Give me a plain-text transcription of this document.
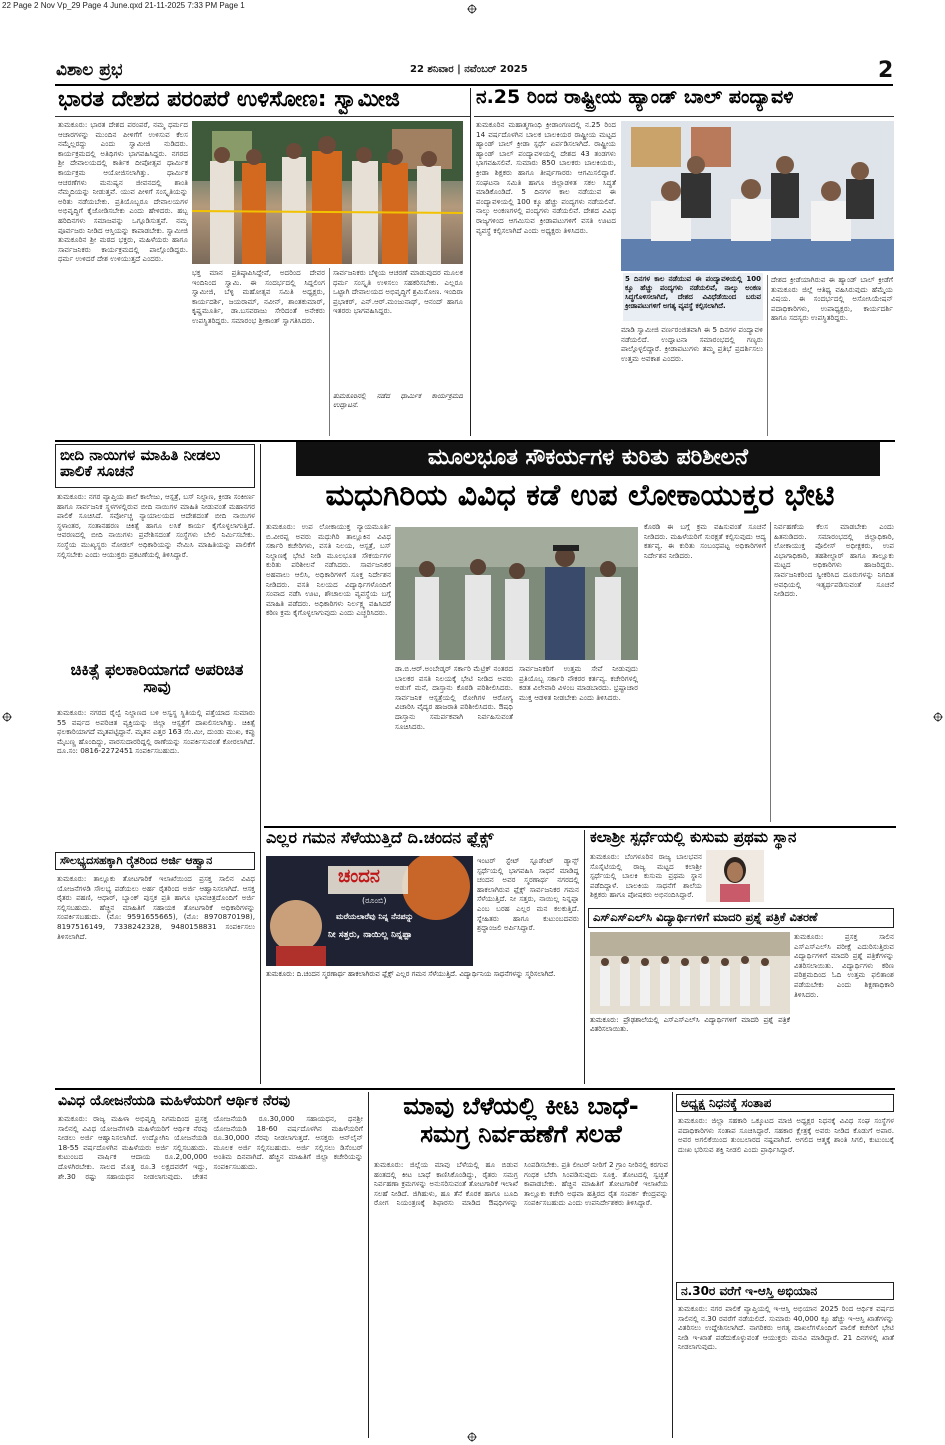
22 Page 2 Nov Vp_29 Page 4 June.qxd 21-11-2025 7:33 PM Page 1
ವಿಶಾಲ ಪ್ರಭ	22 ಶನಿವಾರ | ನವೆಂಬರ್ 2025	2
ಭಾರತ ದೇಶದ ಪರಂಪರೆ ಉಳಿಸೋಣ: ಸ್ವಾಮೀಜಿ
ತುಮಕೂರು: ಭಾರತ ದೇಶದ ಪರಂಪರೆ, ನಮ್ಮ ಧರ್ಮದ ಆಚಾರಗಳನ್ನು ಮುಂದಿನ ಪೀಳಿಗೆಗೆ ಉಳಿಸುವ ಕೆಲಸ ನಮ್ಮೆಲ್ಲರದ್ದು ಎಂದು ಸ್ವಾಮೀಜಿ ನುಡಿದರು. ಕಾರ್ಯಕ್ರಮದಲ್ಲಿ ಅತಿಥಿಗಳು ಭಾಗವಹಿಸಿದ್ದರು. ನಗರದ ಶ್ರೀ ದೇವಾಲಯದಲ್ಲಿ ಕಾರ್ತಿಕ ದೀಪೋತ್ಸವ ಧಾರ್ಮಿಕ ಕಾರ್ಯಕ್ರಮ ಆಯೋಜಿಸಲಾಗಿತ್ತು. ಧಾರ್ಮಿಕ ಆಚರಣೆಗಳು ಮನುಷ್ಯನ ಜೀವನದಲ್ಲಿ ಶಾಂತಿ ನೆಮ್ಮದಿಯನ್ನು ನೀಡುತ್ತವೆ. ಯುವ ಪೀಳಿಗೆ ಸಂಸ್ಕೃತಿಯನ್ನು ಅರಿತು ನಡೆಯಬೇಕು. ಪ್ರತಿಯೊಬ್ಬರೂ ದೇವಾಲಯಗಳ ಅಭಿವೃದ್ಧಿಗೆ ಕೈಜೋಡಿಸಬೇಕು ಎಂದು ಹೇಳಿದರು. ಹಬ್ಬ ಹರಿದಿನಗಳು ಸಮಾಜವನ್ನು ಒಗ್ಗೂಡಿಸುತ್ತವೆ. ನಮ್ಮ ಪೂರ್ವಜರು ನೀಡಿದ ಆಸ್ತಿಯನ್ನು ಕಾಪಾಡಬೇಕು. ಸ್ವಾಮೀಜಿ ತುಮಕೂರಿನ ಶ್ರೀ ಮಠದ ಭಕ್ತರು, ಮಹಿಳೆಯರು ಹಾಗೂ ಸಾರ್ವಜನಿಕರು ಕಾರ್ಯಕ್ರಮದಲ್ಲಿ ಪಾಲ್ಗೊಂಡಿದ್ದರು. ಧರ್ಮ ಉಳಿದರೆ ದೇಶ ಉಳಿಯುತ್ತದೆ ಎಂದರು.
ಭಕ್ತ ಮಾನ ಪ್ರತಿಷ್ಠಾಪಿಸಿದ್ದೇವೆ, ಅದರಿಂದ ದೇವರ ಇಂದಿನಿಂದ ಸ್ವಾಮಿ. ಈ ಸಂದರ್ಭದಲ್ಲಿ ಸಿದ್ದಲಿಂಗ ಸ್ವಾಮೀಜಿ, ಬೆಳ್ಳಿ ಮಹೋತ್ಸವ ಸಮಿತಿ ಅಧ್ಯಕ್ಷರು, ಕಾರ್ಯದರ್ಶಿ, ಜಯರಾಮ್, ನವೀನ್, ಶಾಂತಕುಮಾರ್, ಕೃಷ್ಣಮೂರ್ತಿ, ಡಾ.ಬಸವರಾಜು ಸೇರಿದಂತೆ ಅನೇಕರು ಉಪಸ್ಥಿತರಿದ್ದರು. ಸಮಾರಂಭ ಶ್ರೀಕಾಂತ್ ಸ್ವಾಗತಿಸಿದರು.
ಸಾರ್ವಜನಿಕರು ಬೆಳ್ಳಿಯ ಆಚರಣೆ ಮಾಡುವುದರ ಮೂಲಕ ಧರ್ಮ ಸಂಸ್ಕೃತಿ ಉಳಿಸಲು ಸಹಕರಿಸಬೇಕು. ಎಲ್ಲರೂ ಒಟ್ಟಾಗಿ ದೇವಾಲಯದ ಅಭಿವೃದ್ಧಿಗೆ ಶ್ರಮಿಸೋಣ. ಇಂದಿರಾ ಪ್ರಭಾಕರ್, ಎನ್.ಆರ್.ಮಂಜುನಾಥ್, ಆನಂದ್ ಹಾಗೂ ಇತರರು ಭಾಗವಹಿಸಿದ್ದರು.
ತುಮಕೂರಿನಲ್ಲಿ ನಡೆದ ಧಾರ್ಮಿಕ ಕಾರ್ಯಕ್ರಮದ ಉದ್ಘಾಟನೆ.
ನ.25 ರಿಂದ ರಾಷ್ಟ್ರೀಯ ಹ್ಯಾಂಡ್ ಬಾಲ್ ಪಂದ್ಯಾವಳಿ
ತುಮಕೂರಿನ ಮಹಾತ್ಮಗಾಂಧಿ ಕ್ರೀಡಾಂಗಣದಲ್ಲಿ ನ.25 ರಿಂದ 14 ವರ್ಷದೊಳಗಿನ ಬಾಲಕ ಬಾಲಕಿಯರ ರಾಷ್ಟ್ರೀಯ ಮಟ್ಟದ ಹ್ಯಾಂಡ್ ಬಾಲ್ ಕ್ರೀಡಾ ಸ್ಪರ್ಧೆ ಏರ್ಪಡಿಸಲಾಗಿದೆ. ರಾಷ್ಟ್ರೀಯ ಹ್ಯಾಂಡ್ ಬಾಲ್ ಪಂದ್ಯಾವಳಿಯಲ್ಲಿ ದೇಶದ 43 ತಂಡಗಳು ಭಾಗವಹಿಸಲಿವೆ. ಸುಮಾರು 850 ಬಾಲಕರು ಬಾಲಕಿಯರು, ಕ್ರೀಡಾ ಶಿಕ್ಷಕರು ಹಾಗೂ ತೀರ್ಪುಗಾರರು ಆಗಮಿಸಲಿದ್ದಾರೆ. ಸಂಘಟನಾ ಸಮಿತಿ ಹಾಗೂ ಜಿಲ್ಲಾಡಳಿತ ಸಕಲ ಸಿದ್ಧತೆ ಮಾಡಿಕೊಂಡಿದೆ. 5 ದಿನಗಳ ಕಾಲ ನಡೆಯುವ ಈ ಪಂದ್ಯಾವಳಿಯಲ್ಲಿ 100 ಕ್ಕೂ ಹೆಚ್ಚು ಪಂದ್ಯಗಳು ನಡೆಯಲಿವೆ. ನಾಲ್ಕು ಅಂಕಣಗಳಲ್ಲಿ ಪಂದ್ಯಗಳು ನಡೆಯಲಿವೆ. ದೇಶದ ವಿವಿಧ ರಾಜ್ಯಗಳಿಂದ ಆಗಮಿಸುವ ಕ್ರೀಡಾಪಟುಗಳಿಗೆ ವಸತಿ ಊಟದ ವ್ಯವಸ್ಥೆ ಕಲ್ಪಿಸಲಾಗಿದೆ ಎಂದು ಅಧ್ಯಕ್ಷರು ತಿಳಿಸಿದರು.
5 ದಿನಗಳ ಕಾಲ ನಡೆಯುವ ಈ ಪಂದ್ಯಾವಳಿಯಲ್ಲಿ 100 ಕ್ಕೂ ಹೆಚ್ಚು ಪಂದ್ಯಗಳು ನಡೆಯಲಿವೆ, ನಾಲ್ಕು ಅಂಕಣ ಸಿದ್ಧಗೊಳಿಸಲಾಗಿದೆ, ದೇಶದ ವಿವಿಧೆಡೆಯಿಂದ ಬರುವ ಕ್ರೀಡಾಪಟುಗಳಿಗೆ ಅಗತ್ಯ ವ್ಯವಸ್ಥೆ ಕಲ್ಪಿಸಲಾಗಿದೆ.
ಮಾಡಿ ಸ್ವಾಮೀಜಿ ವರ್ಣರಂಜಿತವಾಗಿ ಈ 5 ದಿನಗಳ ಪಂದ್ಯಾವಳಿ ನಡೆಯಲಿದೆ. ಉದ್ಘಾಟನಾ ಸಮಾರಂಭದಲ್ಲಿ ಗಣ್ಯರು ಪಾಲ್ಗೊಳ್ಳಲಿದ್ದಾರೆ. ಕ್ರೀಡಾಪಟುಗಳು ತಮ್ಮ ಪ್ರತಿಭೆ ಪ್ರದರ್ಶಿಸಲು ಉತ್ತಮ ಅವಕಾಶ ಎಂದರು.
ದೇಶದ ಕ್ರೀಡೆಯಾಗಿರುವ ಈ ಹ್ಯಾಂಡ್ ಬಾಲ್ ಕ್ರೀಡೆಗೆ ತುಮಕೂರು ಜಿಲ್ಲೆ ಆತಿಥ್ಯ ವಹಿಸಿರುವುದು ಹೆಮ್ಮೆಯ ವಿಷಯ. ಈ ಸಂದರ್ಭದಲ್ಲಿ ಅಸೋಸಿಯೇಷನ್ ಪದಾಧಿಕಾರಿಗಳು, ಉಪಾಧ್ಯಕ್ಷರು, ಕಾರ್ಯದರ್ಶಿ ಹಾಗೂ ಸದಸ್ಯರು ಉಪಸ್ಥಿತರಿದ್ದರು.
ಬೀದಿ ನಾಯಿಗಳ ಮಾಹಿತಿ ನೀಡಲು ಪಾಲಿಕೆ ಸೂಚನೆ
ತುಮಕೂರು: ನಗರ ವ್ಯಾಪ್ತಿಯ ಶಾಲೆ ಕಾಲೇಜು, ಆಸ್ಪತ್ರೆ, ಬಸ್ ನಿಲ್ದಾಣ, ಕ್ರೀಡಾ ಸಂಕೀರ್ಣ ಹಾಗೂ ಸಾರ್ವಜನಿಕ ಸ್ಥಳಗಳಲ್ಲಿರುವ ಬೀದಿ ನಾಯಿಗಳ ಮಾಹಿತಿ ನೀಡುವಂತೆ ಮಹಾನಗರ ಪಾಲಿಕೆ ಸೂಚಿಸಿದೆ. ಸರ್ವೋಚ್ಚ ನ್ಯಾಯಾಲಯದ ಆದೇಶದಂತೆ ಬೀದಿ ನಾಯಿಗಳ ಸ್ಥಳಾಂತರ, ಸಂತಾನಹರಣ ಚಿಕಿತ್ಸೆ ಹಾಗೂ ಲಸಿಕೆ ಕಾರ್ಯ ಕೈಗೊಳ್ಳಲಾಗುತ್ತಿದೆ. ಆವರಣದಲ್ಲಿ ಬೀದಿ ನಾಯಿಗಳು ಪ್ರವೇಶಿಸದಂತೆ ಸಂಸ್ಥೆಗಳು ಬೇಲಿ ನಿರ್ಮಿಸಬೇಕು. ಸಂಸ್ಥೆಯ ಮುಖ್ಯಸ್ಥರು ನೋಡಲ್ ಅಧಿಕಾರಿಯನ್ನು ನೇಮಿಸಿ ಮಾಹಿತಿಯನ್ನು ಪಾಲಿಕೆಗೆ ಸಲ್ಲಿಸಬೇಕು ಎಂದು ಆಯುಕ್ತರು ಪ್ರಕಟಣೆಯಲ್ಲಿ ತಿಳಿಸಿದ್ದಾರೆ.
ಚಿಕಿತ್ಸೆ ಫಲಕಾರಿಯಾಗದೆ ಅಪರಿಚಿತ ಸಾವು
ತುಮಕೂರು: ನಗರದ ರೈಲ್ವೆ ನಿಲ್ದಾಣದ ಬಳಿ ಅಸ್ವಸ್ಥ ಸ್ಥಿತಿಯಲ್ಲಿ ಪತ್ತೆಯಾದ ಸುಮಾರು 55 ವರ್ಷದ ಅಪರಿಚಿತ ವ್ಯಕ್ತಿಯನ್ನು ಜಿಲ್ಲಾ ಆಸ್ಪತ್ರೆಗೆ ದಾಖಲಿಸಲಾಗಿತ್ತು. ಚಿಕಿತ್ಸೆ ಫಲಕಾರಿಯಾಗದೆ ಮೃತಪಟ್ಟಿದ್ದಾನೆ. ಮೃತನ ಎತ್ತರ 163 ಸೆಂ.ಮೀ, ದುಂಡು ಮುಖ, ಕಪ್ಪು ಮೈಬಣ್ಣ ಹೊಂದಿದ್ದು, ವಾರಸುದಾರರಿದ್ದಲ್ಲಿ ಠಾಣೆಯನ್ನು ಸಂಪರ್ಕಿಸುವಂತೆ ಕೋರಲಾಗಿದೆ. ದೂ.ಸಂ: 0816-2272451 ಸಂಪರ್ಕಿಸಬಹುದು.
ಸೌಲಭ್ಯದಸಹಕ್ಕಾಗಿ ರೈತರಿಂದ ಅರ್ಜಿ ಆಹ್ವಾನ
ತುಮಕೂರು: ತಾಲ್ಲೂಕು ತೋಟಗಾರಿಕೆ ಇಲಾಖೆಯಿಂದ ಪ್ರಸಕ್ತ ಸಾಲಿನ ವಿವಿಧ ಯೋಜನೆಗಳಡಿ ಸೌಲಭ್ಯ ಪಡೆಯಲು ಅರ್ಹ ರೈತರಿಂದ ಅರ್ಜಿ ಆಹ್ವಾನಿಸಲಾಗಿದೆ. ಆಸಕ್ತ ರೈತರು ಪಹಣಿ, ಆಧಾರ್, ಬ್ಯಾಂಕ್ ಪುಸ್ತಕ ಪ್ರತಿ ಹಾಗೂ ಭಾವಚಿತ್ರದೊಂದಿಗೆ ಅರ್ಜಿ ಸಲ್ಲಿಸಬಹುದು. ಹೆಚ್ಚಿನ ಮಾಹಿತಿಗೆ ಸಹಾಯಕ ತೋಟಗಾರಿಕೆ ಅಧಿಕಾರಿಗಳನ್ನು ಸಂಪರ್ಕಿಸಬಹುದು. (ಮೊ: 9591655665), (ಮೊ: 8970870198), 8197516149, 7338242328, 9480158831 ಸಂಪರ್ಕಿಸಲು ತಿಳಿಸಲಾಗಿದೆ.
ಮೂಲಭೂತ ಸೌಕರ್ಯಗಳ ಕುರಿತು ಪರಿಶೀಲನೆ
ಮಧುಗಿರಿಯ ವಿವಿಧ ಕಡೆ ಉಪ ಲೋಕಾಯುಕ್ತರ ಭೇಟಿ
ತುಮಕೂರು: ಉಪ ಲೋಕಾಯುಕ್ತ ನ್ಯಾಯಮೂರ್ತಿ ಬಿ.ವೀರಪ್ಪ ಅವರು ಮಧುಗಿರಿ ತಾಲ್ಲೂಕಿನ ವಿವಿಧ ಸರ್ಕಾರಿ ಕಚೇರಿಗಳು, ವಸತಿ ನಿಲಯ, ಆಸ್ಪತ್ರೆ, ಬಸ್ ನಿಲ್ದಾಣಕ್ಕೆ ಭೇಟಿ ನೀಡಿ ಮೂಲಭೂತ ಸೌಕರ್ಯಗಳ ಕುರಿತು ಪರಿಶೀಲನೆ ನಡೆಸಿದರು. ಸಾರ್ವಜನಿಕರ ಅಹವಾಲು ಆಲಿಸಿ, ಅಧಿಕಾರಿಗಳಿಗೆ ಸೂಕ್ತ ನಿರ್ದೇಶನ ನೀಡಿದರು. ವಸತಿ ನಿಲಯದ ವಿದ್ಯಾರ್ಥಿಗಳೊಂದಿಗೆ ಸಂವಾದ ನಡೆಸಿ ಊಟ, ಶೌಚಾಲಯ ವ್ಯವಸ್ಥೆಯ ಬಗ್ಗೆ ಮಾಹಿತಿ ಪಡೆದರು. ಅಧಿಕಾರಿಗಳು ನಿರ್ಲಕ್ಷ್ಯ ವಹಿಸಿದರೆ ಕಠಿಣ ಕ್ರಮ ಕೈಗೊಳ್ಳಲಾಗುವುದು ಎಂದು ಎಚ್ಚರಿಸಿದರು.
ಡಾ.ಬಿ.ಆರ್.ಅಂಬೇಡ್ಕರ್ ಸರ್ಕಾರಿ ಮೆಟ್ರಿಕ್ ನಂತರದ ಬಾಲಕರ ವಸತಿ ನಿಲಯಕ್ಕೆ ಭೇಟಿ ನೀಡಿದ ಅವರು ಅಡುಗೆ ಮನೆ, ದಾಸ್ತಾನು ಕೊಠಡಿ ಪರಿಶೀಲಿಸಿದರು. ಸಾರ್ವಜನಿಕ ಆಸ್ಪತ್ರೆಯಲ್ಲಿ ರೋಗಿಗಳ ಆರೋಗ್ಯ ವಿಚಾರಿಸಿ ವೈದ್ಯರ ಹಾಜರಾತಿ ಪರಿಶೀಲಿಸಿದರು. ಔಷಧಿ ದಾಸ್ತಾನು ಸಮರ್ಪಕವಾಗಿ ನಿರ್ವಹಿಸುವಂತೆ ಸೂಚಿಸಿದರು.
ಸಾರ್ವಜನಿಕರಿಗೆ ಉತ್ತಮ ಸೇವೆ ನೀಡುವುದು ಪ್ರತಿಯೊಬ್ಬ ಸರ್ಕಾರಿ ನೌಕರರ ಕರ್ತವ್ಯ. ಕಚೇರಿಗಳಲ್ಲಿ ಕಡತ ವಿಲೇವಾರಿ ವಿಳಂಬ ಮಾಡಬಾರದು. ಭ್ರಷ್ಟಾಚಾರ ಮುಕ್ತ ಆಡಳಿತ ನೀಡಬೇಕು ಎಂದು ತಿಳಿಸಿದರು.
ಕೊಠಡಿ ಈ ಬಗ್ಗೆ ಕ್ರಮ ವಹಿಸುವಂತೆ ಸೂಚನೆ ನೀಡಿದರು. ಮಹಿಳೆಯರಿಗೆ ಸುರಕ್ಷತೆ ಕಲ್ಪಿಸುವುದು ಆದ್ಯ ಕರ್ತವ್ಯ. ಈ ಕುರಿತು ಸಂಬಂಧಪಟ್ಟ ಅಧಿಕಾರಿಗಳಿಗೆ ನಿರ್ದೇಶನ ನೀಡಿದರು.
ನಿರ್ವಹಣೆಯ ಕೆಲಸ ಮಾಡಬೇಕು ಎಂದು ಹಿತನುಡಿದರು. ಸಮಾರಂಭದಲ್ಲಿ ಜಿಲ್ಲಾಧಿಕಾರಿ, ಲೋಕಾಯುಕ್ತ ಪೊಲೀಸ್ ಅಧೀಕ್ಷಕರು, ಉಪ ವಿಭಾಗಾಧಿಕಾರಿ, ತಹಶೀಲ್ದಾರ್ ಹಾಗೂ ತಾಲ್ಲೂಕು ಮಟ್ಟದ ಅಧಿಕಾರಿಗಳು ಹಾಜರಿದ್ದರು. ಸಾರ್ವಜನಿಕರಿಂದ ಸ್ವೀಕರಿಸಿದ ದೂರುಗಳನ್ನು ನಿಗದಿತ ಅವಧಿಯಲ್ಲಿ ಇತ್ಯರ್ಥಪಡಿಸುವಂತೆ ಸೂಚನೆ ನೀಡಿದರು.
ಎಲ್ಲರ ಗಮನ ಸೆಳೆಯುತ್ತಿದೆ ದಿ.ಚಂದನ ಫ್ಲೆಕ್ಸ್
ಚಂದನ
(ರೂಂಬಿ)
ಮರೆಯಲಾರೆವು ನಿನ್ನ ನೆನಪನ್ನು
ನೀ ಸತ್ತರು, ನಾಯಿಲ್ಲ ನಿನ್ನಪ್ಪಾ
ಇಂಟರ್ ಸ್ಟೇಟ್ ಸ್ಟೂಡೆಂಟ್ ಡ್ಯಾನ್ಸ್ ಸ್ಪರ್ಧೆಯಲ್ಲಿ ಭಾಗವಹಿಸಿ ಸಾಧನೆ ಮಾಡಿದ್ದ ಚಂದನ ಅವರ ಸ್ಮರಣಾರ್ಥ ನಗರದಲ್ಲಿ ಹಾಕಲಾಗಿರುವ ಫ್ಲೆಕ್ಸ್ ಸಾರ್ವಜನಿಕರ ಗಮನ ಸೆಳೆಯುತ್ತಿದೆ. ನೀ ಸತ್ತರು, ನಾಯಿಲ್ಲ ನಿನ್ನಪ್ಪಾ ಎಂಬ ಬರಹ ಎಲ್ಲರ ಮನ ಕಲಕುತ್ತಿದೆ. ಸ್ನೇಹಿತರು ಹಾಗೂ ಕುಟುಂಬದವರು ಶ್ರದ್ಧಾಂಜಲಿ ಅರ್ಪಿಸಿದ್ದಾರೆ.
ತುಮಕೂರು: ದಿ.ಚಂದನ ಸ್ಮರಣಾರ್ಥ ಹಾಕಲಾಗಿರುವ ಫ್ಲೆಕ್ಸ್ ಎಲ್ಲರ ಗಮನ ಸೆಳೆಯುತ್ತಿದೆ. ವಿದ್ಯಾರ್ಥಿನಿಯ ಸಾಧನೆಗಳನ್ನು ಸ್ಮರಿಸಲಾಗಿದೆ.
ಕಲಾಶ್ರೀ ಸ್ಪರ್ಧೆಯಲ್ಲಿ ಕುಸುಮ ಪ್ರಥಮ ಸ್ಥಾನ
ತುಮಕೂರು: ಬೆಂಗಳೂರಿನ ರಾಜ್ಯ ಬಾಲಭವನ ಸೊಸೈಟಿಯಲ್ಲಿ ರಾಜ್ಯ ಮಟ್ಟದ ಕಲಾಶ್ರೀ ಸ್ಪರ್ಧೆಯಲ್ಲಿ ಬಾಲಕಿ ಕುಸುಮ ಪ್ರಥಮ ಸ್ಥಾನ ಪಡೆದಿದ್ದಾಳೆ. ಬಾಲಕಿಯ ಸಾಧನೆಗೆ ಶಾಲೆಯ ಶಿಕ್ಷಕರು ಹಾಗೂ ಪೋಷಕರು ಅಭಿನಂದಿಸಿದ್ದಾರೆ.
ಎಸ್‌ಎಸ್‌ಎಲ್‌ಸಿ ವಿದ್ಯಾರ್ಥಿಗಳಿಗೆ ಮಾದರಿ ಪ್ರಶ್ನೆ ಪತ್ರಿಕೆ ವಿತರಣೆ
ತುಮಕೂರು: ಪ್ರಸಕ್ತ ಸಾಲಿನ ಎಸ್‌ಎಸ್‌ಎಲ್‌ಸಿ ಪರೀಕ್ಷೆ ಎದುರಿಸುತ್ತಿರುವ ವಿದ್ಯಾರ್ಥಿಗಳಿಗೆ ಮಾದರಿ ಪ್ರಶ್ನೆ ಪತ್ರಿಕೆಗಳನ್ನು ವಿತರಿಸಲಾಯಿತು. ವಿದ್ಯಾರ್ಥಿಗಳು ಕಠಿಣ ಪರಿಶ್ರಮದಿಂದ ಓದಿ ಉತ್ತಮ ಫಲಿತಾಂಶ ಪಡೆಯಬೇಕು ಎಂದು ಶಿಕ್ಷಣಾಧಿಕಾರಿ ತಿಳಿಸಿದರು.
ತುಮಕೂರು: ಪ್ರೌಢಶಾಲೆಯಲ್ಲಿ ಎಸ್‌ಎಸ್‌ಎಲ್‌ಸಿ ವಿದ್ಯಾರ್ಥಿಗಳಿಗೆ ಮಾದರಿ ಪ್ರಶ್ನೆ ಪತ್ರಿಕೆ ವಿತರಿಸಲಾಯಿತು.
ವಿವಿಧ ಯೋಜನೆಯಡಿ ಮಹಿಳೆಯರಿಗೆ ಆರ್ಥಿಕ ನೆರವು
ತುಮಕೂರು: ರಾಜ್ಯ ಮಹಿಳಾ ಅಭಿವೃದ್ಧಿ ನಿಗಮದಿಂದ ಪ್ರಸಕ್ತ ಸಾಲಿನಲ್ಲಿ ವಿವಿಧ ಯೋಜನೆಗಳಡಿ ಮಹಿಳೆಯರಿಗೆ ಆರ್ಥಿಕ ನೆರವು ನೀಡಲು ಅರ್ಜಿ ಆಹ್ವಾನಿಸಲಾಗಿದೆ. ಉದ್ಯೋಗಿನಿ ಯೋಜನೆಯಡಿ 18-55 ವರ್ಷದೊಳಗಿನ ಮಹಿಳೆಯರು ಅರ್ಜಿ ಸಲ್ಲಿಸಬಹುದು. ಕುಟುಂಬದ ವಾರ್ಷಿಕ ಆದಾಯ ರೂ.2,00,000 ದೊಳಗಿರಬೇಕು. ಸಾಲದ ಮೊತ್ತ ರೂ.3 ಲಕ್ಷದವರೆಗೆ ಇದ್ದು, ಶೇ.30 ರಷ್ಟು ಸಹಾಯಧನ ನೀಡಲಾಗುವುದು. ಚೇತನ ಯೋಜನೆಯಡಿ ರೂ.30,000 ಸಹಾಯಧನ, ಧನಶ್ರೀ ಯೋಜನೆಯಡಿ 18-60 ವರ್ಷದೊಳಗಿನ ಮಹಿಳೆಯರಿಗೆ ರೂ.30,000 ನೆರವು ನೀಡಲಾಗುತ್ತದೆ. ಆಸಕ್ತರು ಆನ್‌ಲೈನ್ ಮೂಲಕ ಅರ್ಜಿ ಸಲ್ಲಿಸಬಹುದು. ಅರ್ಜಿ ಸಲ್ಲಿಸಲು ಡಿಸೆಂಬರ್ ಅಂತಿಮ ದಿನವಾಗಿದೆ. ಹೆಚ್ಚಿನ ಮಾಹಿತಿಗೆ ಜಿಲ್ಲಾ ಕಚೇರಿಯನ್ನು ಸಂಪರ್ಕಿಸಬಹುದು.
ಮಾವು ಬೆಳೆಯಲ್ಲಿ ಕೀಟ ಬಾಧೆ-
ಸಮಗ್ರ ನಿರ್ವಹಣೆಗೆ ಸಲಹೆ
ತುಮಕೂರು: ಜಿಲ್ಲೆಯ ಮಾವು ಬೆಳೆಯಲ್ಲಿ ಹೂ ಬಿಡುವ ಹಂತದಲ್ಲಿ ಕೀಟ ಬಾಧೆ ಕಾಣಿಸಿಕೊಂಡಿದ್ದು, ರೈತರು ಸಮಗ್ರ ನಿರ್ವಹಣಾ ಕ್ರಮಗಳನ್ನು ಅನುಸರಿಸುವಂತೆ ತೋಟಗಾರಿಕೆ ಇಲಾಖೆ ಸಲಹೆ ನೀಡಿದೆ. ಜಿಗಿಹುಳು, ಹೂ ತೆನೆ ಕೊರಕ ಹಾಗೂ ಬೂದಿ ರೋಗ ನಿಯಂತ್ರಣಕ್ಕೆ ಶಿಫಾರಸು ಮಾಡಿದ ಔಷಧಿಗಳನ್ನು ಸಿಂಪಡಿಸಬೇಕು. ಪ್ರತಿ ಲೀಟರ್ ನೀರಿಗೆ 2 ಗ್ರಾಂ ನೀರಿನಲ್ಲಿ ಕರಗುವ ಗಂಧಕ ಬೆರೆಸಿ ಸಿಂಪಡಿಸುವುದು ಸೂಕ್ತ. ತೋಟದಲ್ಲಿ ಸ್ವಚ್ಛತೆ ಕಾಪಾಡಬೇಕು. ಹೆಚ್ಚಿನ ಮಾಹಿತಿಗೆ ತೋಟಗಾರಿಕೆ ಇಲಾಖೆಯ ತಾಲ್ಲೂಕು ಕಚೇರಿ ಅಥವಾ ಹತ್ತಿರದ ರೈತ ಸಂಪರ್ಕ ಕೇಂದ್ರವನ್ನು ಸಂಪರ್ಕಿಸಬಹುದು ಎಂದು ಉಪನಿರ್ದೇಶಕರು ತಿಳಿಸಿದ್ದಾರೆ.
ಅಧ್ಯಕ್ಷ ನಿಧನಕ್ಕೆ ಸಂತಾಪ
ತುಮಕೂರು: ಜಿಲ್ಲಾ ಸಹಕಾರಿ ಒಕ್ಕೂಟದ ಮಾಜಿ ಅಧ್ಯಕ್ಷರ ನಿಧನಕ್ಕೆ ವಿವಿಧ ಸಂಘ ಸಂಸ್ಥೆಗಳ ಪದಾಧಿಕಾರಿಗಳು ಸಂತಾಪ ಸೂಚಿಸಿದ್ದಾರೆ. ಸಹಕಾರ ಕ್ಷೇತ್ರಕ್ಕೆ ಅವರು ನೀಡಿದ ಕೊಡುಗೆ ಅಪಾರ. ಅವರ ಅಗಲಿಕೆಯಿಂದ ತುಂಬಲಾರದ ನಷ್ಟವಾಗಿದೆ. ಅಗಲಿದ ಆತ್ಮಕ್ಕೆ ಶಾಂತಿ ಸಿಗಲಿ, ಕುಟುಂಬಕ್ಕೆ ದುಃಖ ಭರಿಸುವ ಶಕ್ತಿ ನೀಡಲಿ ಎಂದು ಪ್ರಾರ್ಥಿಸಿದ್ದಾರೆ.
ನ.30ರ ವರೆಗೆ ಇ-ಆಸ್ತಿ ಅಭಿಯಾನ
ತುಮಕೂರು: ನಗರ ಪಾಲಿಕೆ ವ್ಯಾಪ್ತಿಯಲ್ಲಿ ಇ-ಆಸ್ತಿ ಅಭಿಯಾನ 2025 ರಿಂದ ಆರ್ಥಿಕ ವರ್ಷದ ಸಾಲಿನಲ್ಲಿ ನ.30 ರವರೆಗೆ ನಡೆಯಲಿದೆ. ಸುಮಾರು 40,000 ಕ್ಕೂ ಹೆಚ್ಚು ಇ-ಆಸ್ತಿ ಖಾತೆಗಳನ್ನು ವಿತರಿಸಲು ಉದ್ದೇಶಿಸಲಾಗಿದೆ. ನಾಗರಿಕರು ಅಗತ್ಯ ದಾಖಲೆಗಳೊಂದಿಗೆ ಪಾಲಿಕೆ ಕಚೇರಿಗೆ ಭೇಟಿ ನೀಡಿ ಇ-ಖಾತೆ ಪಡೆದುಕೊಳ್ಳುವಂತೆ ಆಯುಕ್ತರು ಮನವಿ ಮಾಡಿದ್ದಾರೆ. 21 ದಿನಗಳಲ್ಲಿ ಖಾತೆ ನೀಡಲಾಗುವುದು.
